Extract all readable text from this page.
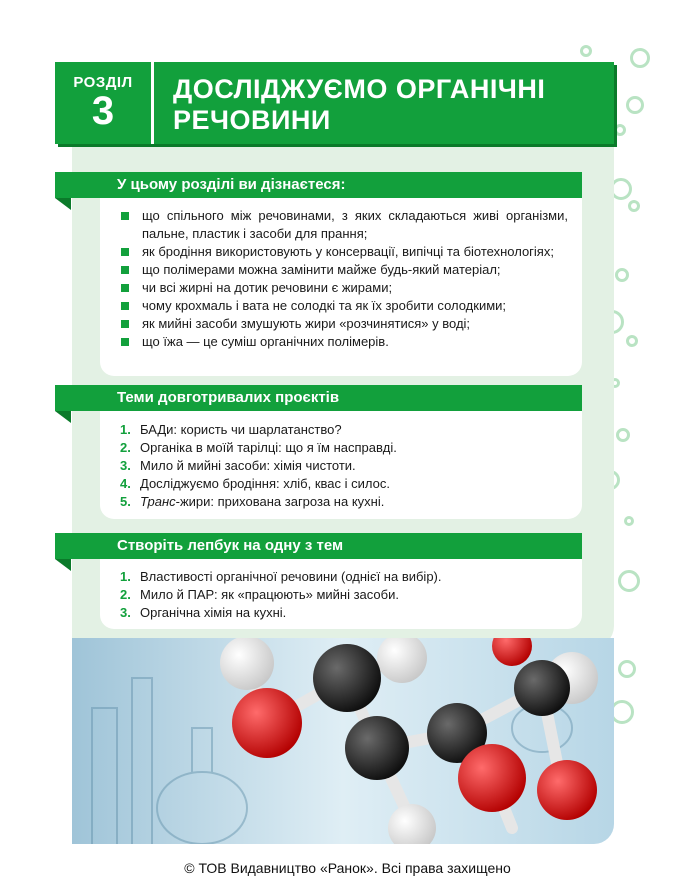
РОЗДІЛ
3	ДОСЛІДЖУЄМО ОРГАНІЧНІ РЕЧОВИНИ
У цьому розділі ви дізнаєтеся:
що спільного між речовинами, з яких складаються живі організми, пальне, пластик і засоби для прання;
як бродіння використовують у консервації, випічці та біотехнологіях;
що полімерами можна замінити майже будь-який матеріал;
чи всі жирні на дотик речовини є жирами;
чому крохмаль і вата не солодкі та як їх зробити солодкими;
як мийні засоби змушують жири «розчинятися» у воді;
що їжа — це суміш органічних полімерів.
Теми довготривалих проєктів
1. БАДи: користь чи шарлатанство?
2. Органіка в моїй тарілці: що я їм насправді.
3. Мило й мийні засоби: хімія чистоти.
4. Досліджуємо бродіння: хліб, квас і силос.
5. Транс-жири: прихована загроза на кухні.
Створіть лепбук на одну з тем
1. Властивості органічної речовини (однієї на вибір).
2. Мило й ПАР: як «працюють» мийні засоби.
3. Органічна хімія на кухні.
© ТОВ Видавництво «Ранок». Всі права захищено
